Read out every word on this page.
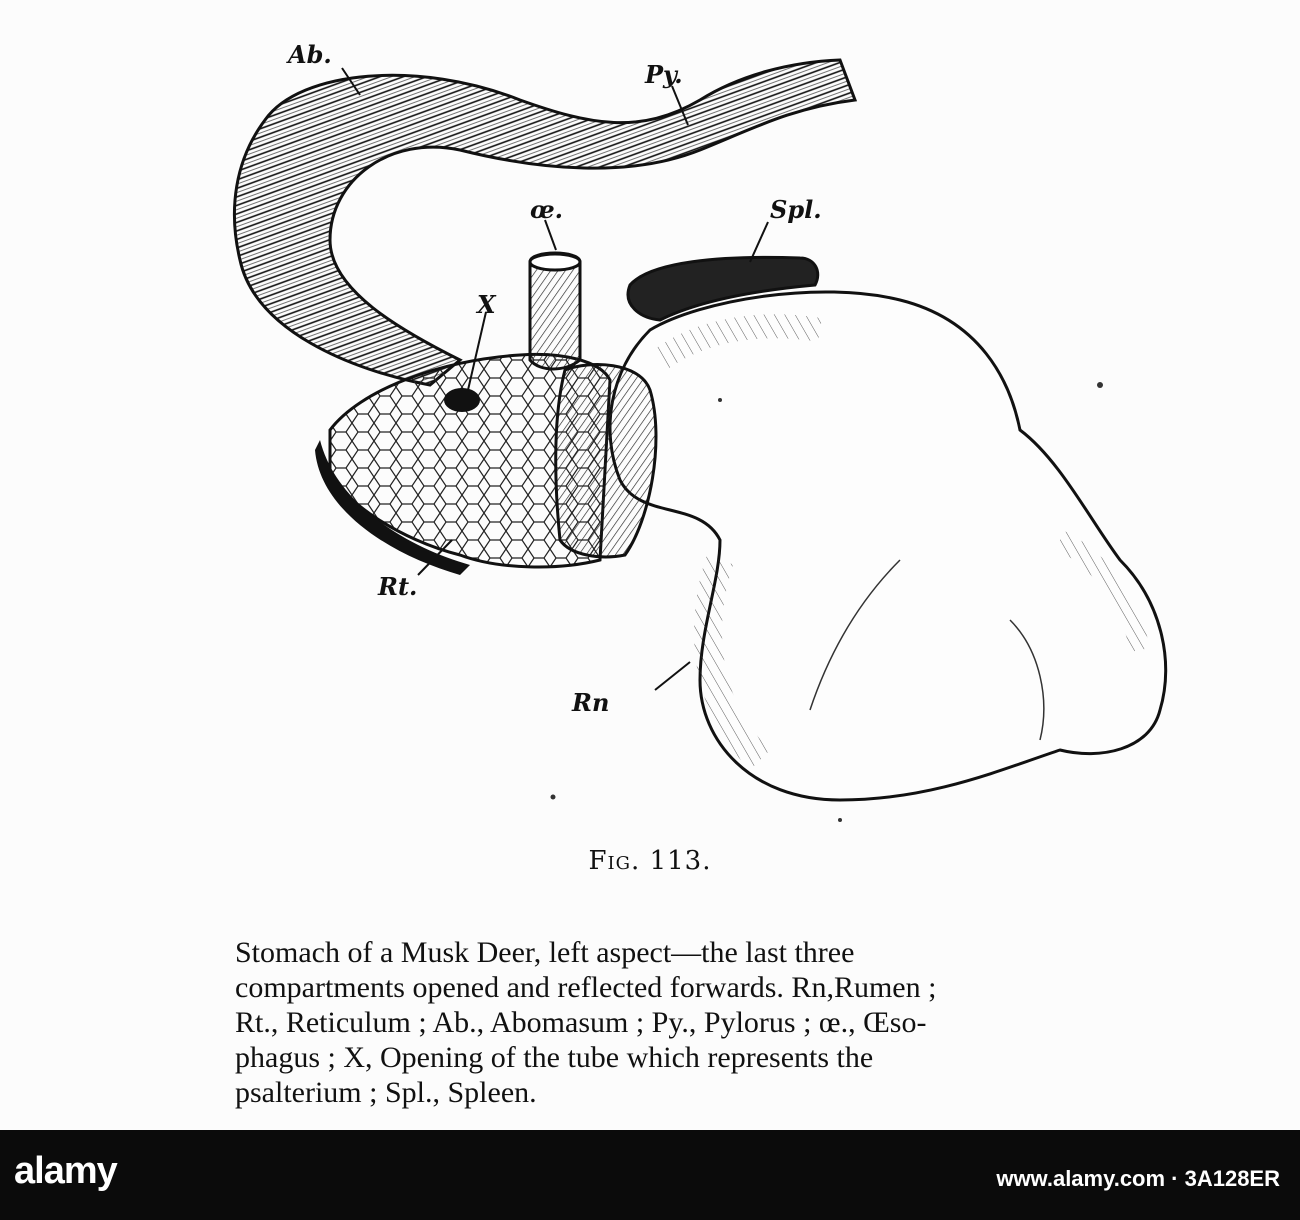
Ab.
Py.
œ.	Spl.
X
Rt.
Rn
Fig. 113.
Stomach of a Musk Deer, left aspect—the last three
compartments opened and reflected forwards. Rn,Rumen ;
Rt., Reticulum ; Ab., Abomasum ; Py., Pylorus ; œ., Œso-
phagus ; X, Opening of the tube which represents the
psalterium ; Spl., Spleen.
alamy	www.alamy.com · 3A128ER
